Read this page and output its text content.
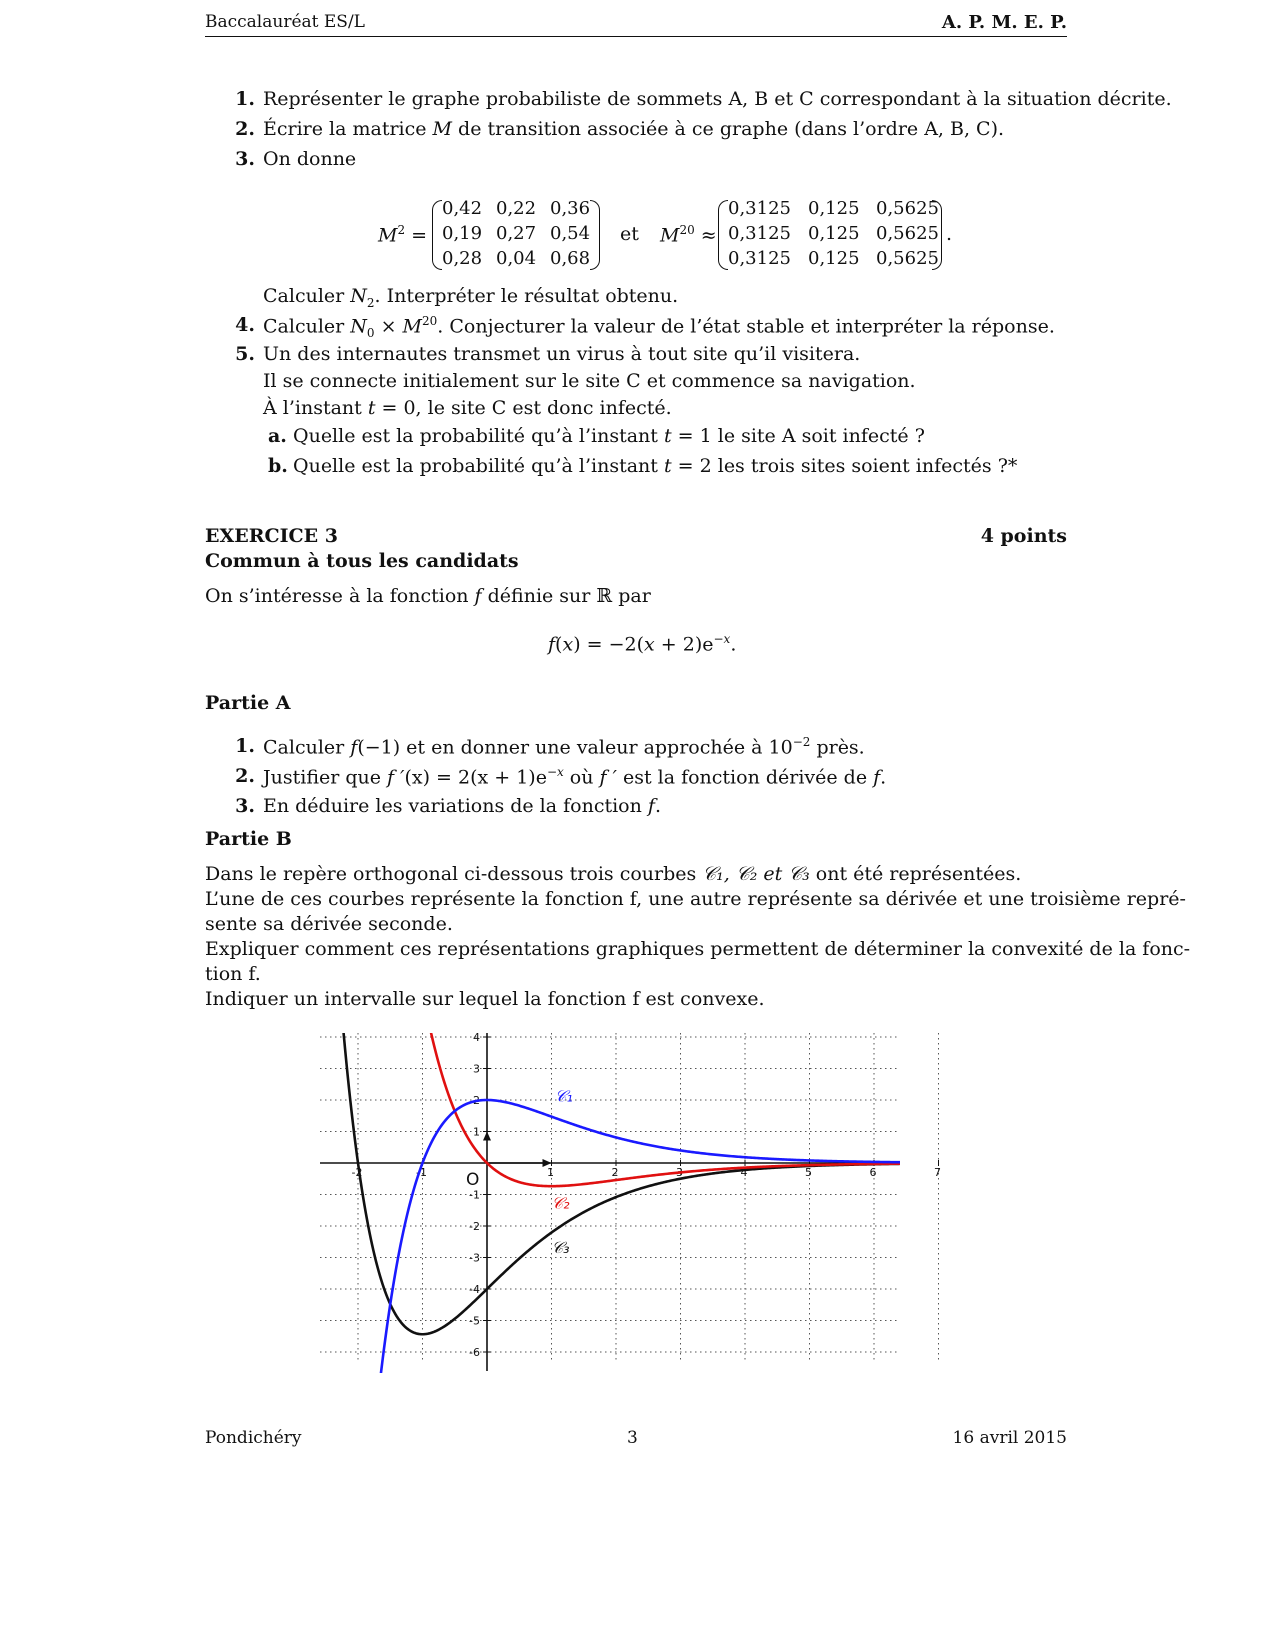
Baccalauréat ES/L	A. P. M. E. P.
1. Représenter le graphe probabiliste de sommets A, B et C correspondant à la situation décrite.
2. Écrire la matrice M de transition associée à ce graphe (dans l’ordre A, B, C).
3. On donne
$M^2$ =
0,42 0,22 0,36
0,19 0,27 0,54
0,28 0,04 0,68
et $M^{20}$ ≈
0,3125 0,125 0,5625
0,3125 0,125 0,5625
0,3125 0,125 0,5625
.
Calculer $N_2$. Interpréter le résultat obtenu.
4. Calculer $N_0 \times M^{20}$. Conjecturer la valeur de l’état stable et interpréter la réponse.
5. Un des internautes transmet un virus à tout site qu’il visitera.
Il se connecte initialement sur le site C et commence sa navigation.
À l’instant t = 0, le site C est donc infecté.
a. Quelle est la probabilité qu’à l’instant t = 1 le site A soit infecté ?
b. Quelle est la probabilité qu’à l’instant t = 2 les trois sites soient infectés ?*
EXERCICE 3	4 points
Commun à tous les candidats
On s’intéresse à la fonction f définie sur ℝ par
$f(x) = -2(x + 2)e^{-x}$.
Partie A
1. Calculer f(−1) et en donner une valeur approchée à $10^{-2}$ près.
2. Justifier que f $'(x) = 2(x + 1)e^{-x}$ où f ′ est la fonction dérivée de f.
3. En déduire les variations de la fonction f.
Partie B
Dans le repère orthogonal ci-dessous trois courbes 𝒞₁, 𝒞₂ et 𝒞₃ ont été représentées.
L’une de ces courbes représente la fonction f, une autre représente sa dérivée et une troisième repré-
sente sa dérivée seconde.
Expliquer comment ces représentations graphiques permettent de déterminer la convexité de la fonc-
tion f.
Indiquer un intervalle sur lequel la fonction f est convexe.
-2	-1	1	2	3	4	5	6	7
-6
-5
-4
-3
-2
-1
1
2
3
4
O
𝒞₁
𝒞₂
𝒞₃
Pondichéry	3	16 avril 2015
